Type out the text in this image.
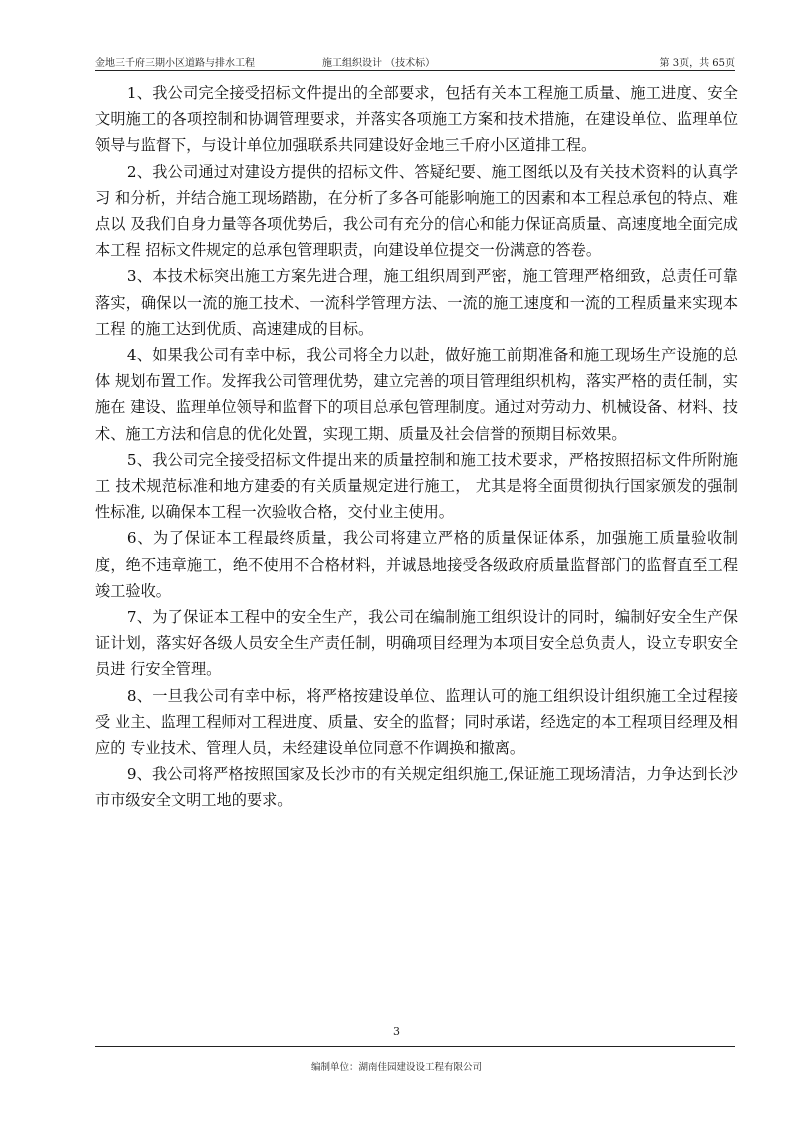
金地三千府三期小区道路与排水工程	施工组织设计 （技术标）	第 3页，共 65页

1、我公司完全接受招标文件提出的全部要求，包括有关本工程施工质量、施工进度、安全文明施工的各项控制和协调管理要求，并落实各项施工方案和技术措施，在建设单位、监理单位领导与监督下，与设计单位加强联系共同建设好金地三千府小区道排工程。

2、我公司通过对建设方提供的招标文件、答疑纪要、施工图纸以及有关技术资料的认真学习 和分析，并结合施工现场踏勘，在分析了多各可能影响施工的因素和本工程总承包的特点、难点以 及我们自身力量等各项优势后，我公司有充分的信心和能力保证高质量、高速度地全面完成本工程 招标文件规定的总承包管理职责，向建设单位提交一份满意的答卷。

3、本技术标突出施工方案先进合理，施工组织周到严密，施工管理严格细致，总责任可靠落实，确保以一流的施工技术、一流科学管理方法、一流的施工速度和一流的工程质量来实现本工程 的施工达到优质、高速建成的目标。

4、如果我公司有幸中标，我公司将全力以赴，做好施工前期准备和施工现场生产设施的总体 规划布置工作。发挥我公司管理优势，建立完善的项目管理组织机构，落实严格的责任制，实施在 建设、监理单位领导和监督下的项目总承包管理制度。通过对劳动力、机械设备、材料、技术、施工方法和信息的优化处置，实现工期、质量及社会信誉的预期目标效果。

5、我公司完全接受招标文件提出来的质量控制和施工技术要求，严格按照招标文件所附施工 技术规范标准和地方建委的有关质量规定进行施工， 尤其是将全面贯彻执行国家颁发的强制性标准, 以确保本工程一次验收合格，交付业主使用。

6、为了保证本工程最终质量，我公司将建立严格的质量保证体系，加强施工质量验收制度，绝不违章施工，绝不使用不合格材料，并诚恳地接受各级政府质量监督部门的监督直至工程竣工验收。

7、为了保证本工程中的安全生产，我公司在编制施工组织设计的同时，编制好安全生产保证计划，落实好各级人员安全生产责任制，明确项目经理为本项目安全总负责人，设立专职安全员进 行安全管理。

8、一旦我公司有幸中标，将严格按建设单位、监理认可的施工组织设计组织施工全过程接受 业主、监理工程师对工程进度、质量、安全的监督；同时承诺，经选定的本工程项目经理及相应的 专业技术、管理人员，未经建设单位同意不作调换和撤离。

9、我公司将严格按照国家及长沙市的有关规定组织施工,保证施工现场清洁，力争达到长沙市市级安全文明工地的要求。

3
编制单位：湖南佳园建设设工程有限公司
